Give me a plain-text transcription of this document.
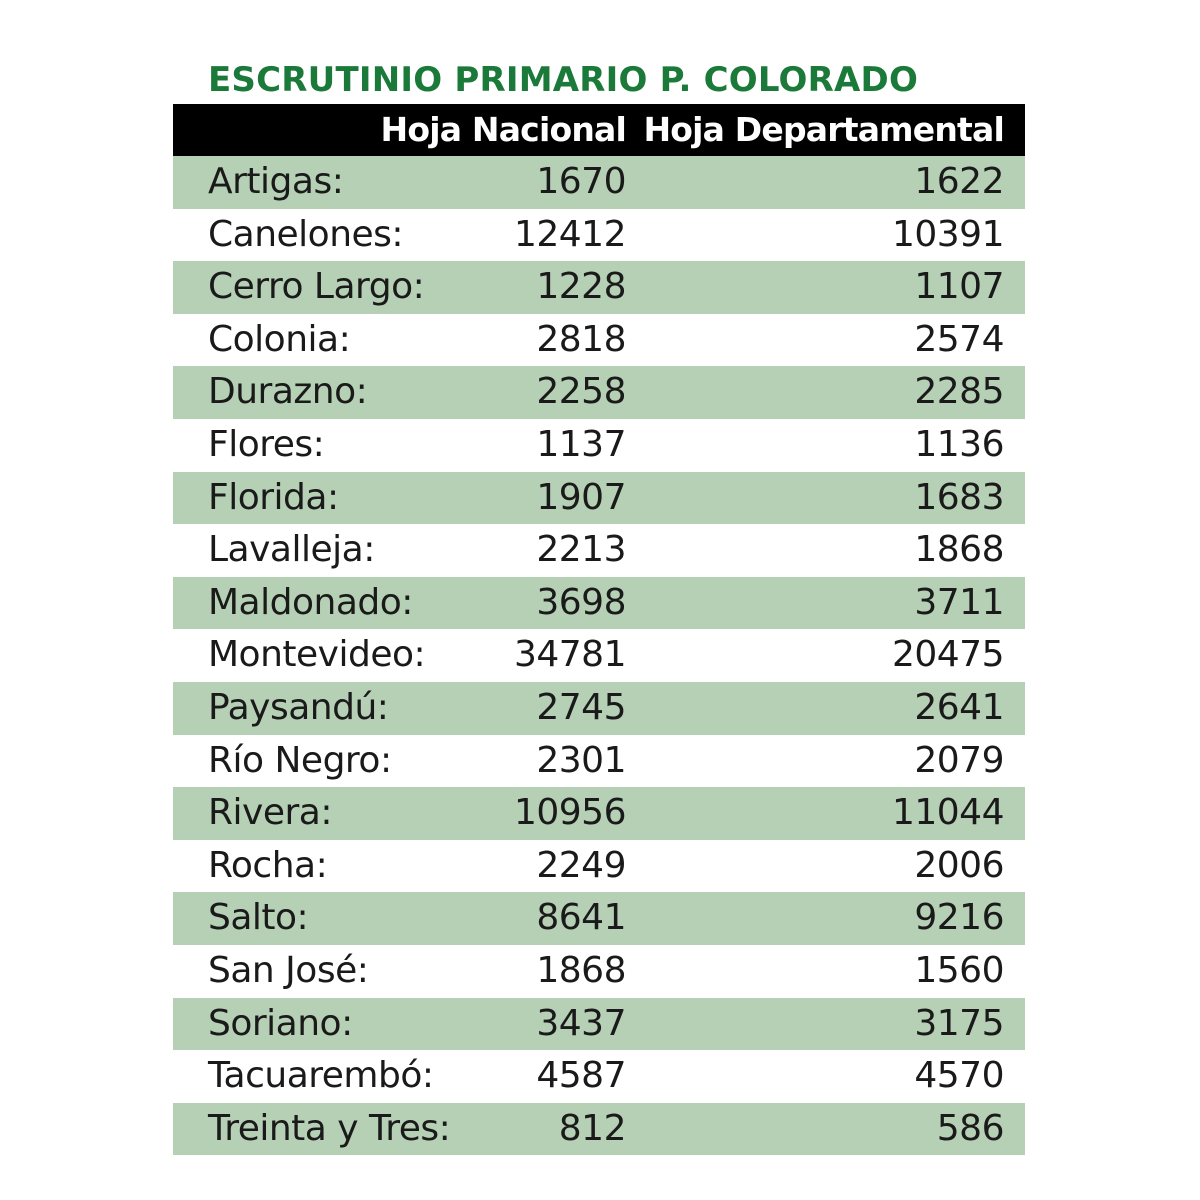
ESCRUTINIO PRIMARIO P. COLORADO
Hoja Nacional Hoja Departamental
Artigas:	1670	1622
Canelones:	12412	10391
Cerro Largo:	1228	1107
Colonia:	2818	2574
Durazno:	2258	2285
Flores:	1137	1136
Florida:	1907	1683
Lavalleja:	2213	1868
Maldonado:	3698	3711
Montevideo: 34781	20475
Paysandú:	2745	2641
Río Negro:	2301	2079
Rivera:	10956	11044
Rocha:	2249	2006
Salto:	8641	9216
San José:	1868	1560
Soriano:	3437	3175
Tacuarembó:	4587	4570
Treinta y Tres:	812	586
